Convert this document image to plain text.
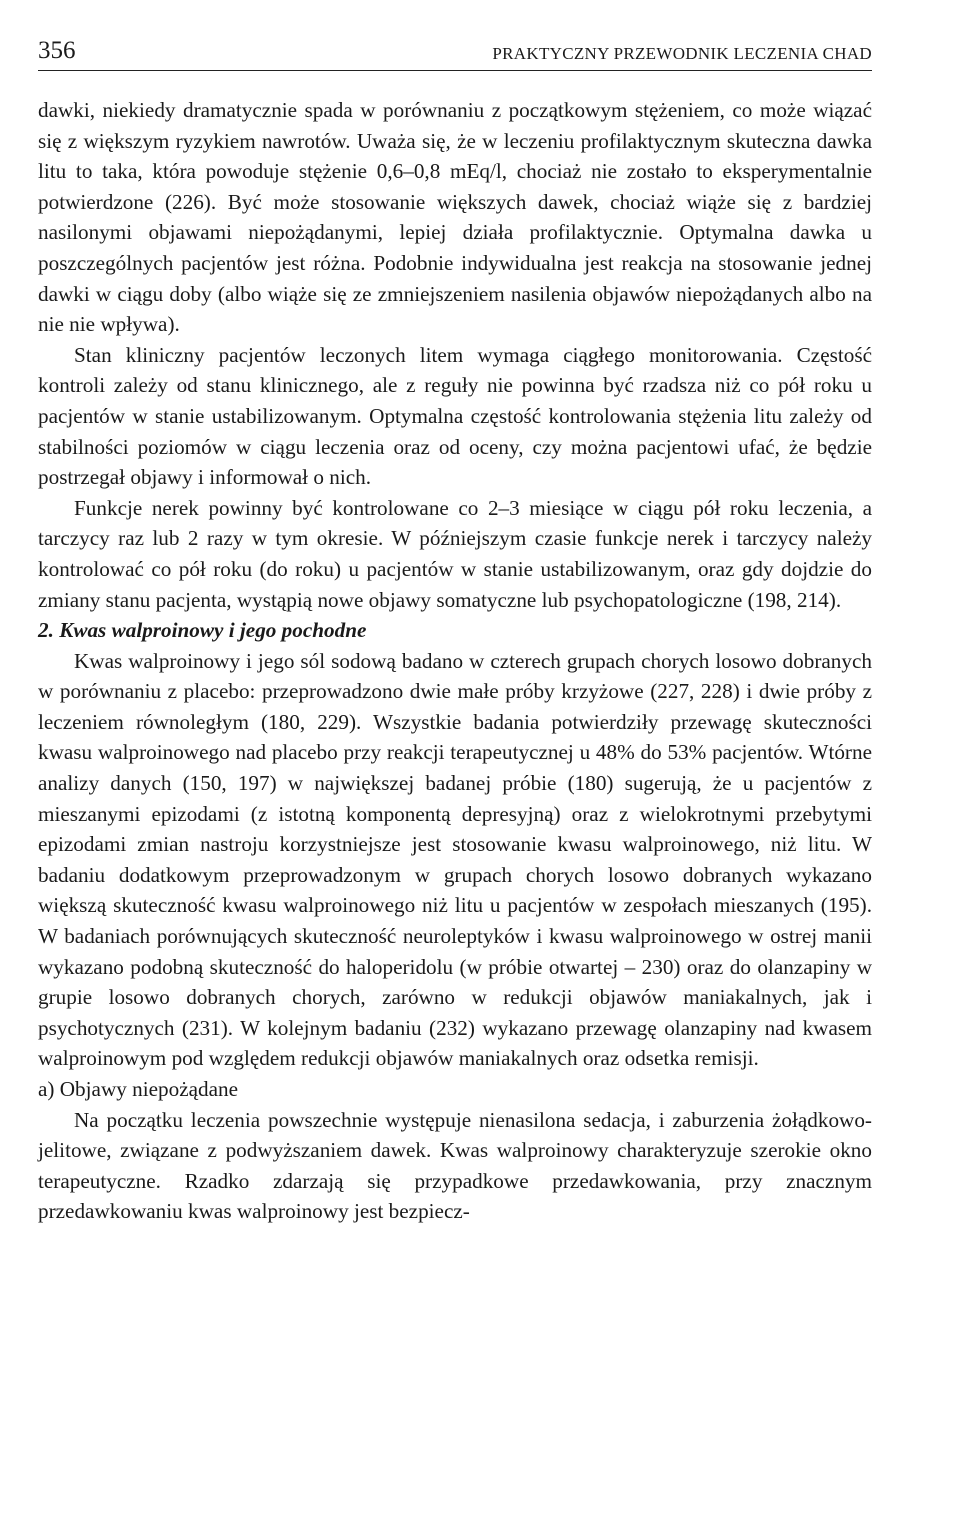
356	PRAKTYCZNY PRZEWODNIK LECZENIA CHAD

dawki, niekiedy dramatycznie spada w porównaniu z początkowym stężeniem, co może wiązać się z większym ryzykiem nawrotów. Uważa się, że w leczeniu profilaktycznym skuteczna dawka litu to taka, która powoduje stężenie 0,6–0,8 mEq/l, chociaż nie zostało to eksperymentalnie potwierdzone (226). Być może stosowanie większych dawek, chociaż wiąże się z bardziej nasilonymi objawami niepożądanymi, lepiej działa profilaktycznie. Optymalna dawka u poszczególnych pacjentów jest różna. Podobnie indywidualna jest reakcja na stosowanie jednej dawki w ciągu doby (albo wiąże się ze zmniejszeniem nasilenia objawów niepożądanych albo na nie nie wpływa).

Stan kliniczny pacjentów leczonych litem wymaga ciągłego monitorowania. Częstość kontroli zależy od stanu klinicznego, ale z reguły nie powinna być rzadsza niż co pół roku u pacjentów w stanie ustabilizowanym. Optymalna częstość kontrolowania stężenia litu zależy od stabilności poziomów w ciągu leczenia oraz od oceny, czy można pacjentowi ufać, że będzie postrzegał objawy i informował o nich.

Funkcje nerek powinny być kontrolowane co 2–3 miesiące w ciągu pół roku leczenia, a tarczycy raz lub 2 razy w tym okresie. W późniejszym czasie funkcje nerek i tarczycy należy kontrolować co pół roku (do roku) u pacjentów w stanie ustabilizowanym, oraz gdy dojdzie do zmiany stanu pacjenta, wystąpią nowe objawy somatyczne lub psychopatologiczne (198, 214).

2. Kwas walproinowy i jego pochodne

Kwas walproinowy i jego sól sodową badano w czterech grupach chorych losowo dobranych w porównaniu z placebo: przeprowadzono dwie małe próby krzyżowe (227, 228) i dwie próby z leczeniem równoległym (180, 229). Wszystkie badania potwierdziły przewagę skuteczności kwasu walproinowego nad placebo przy reakcji terapeutycznej u 48% do 53% pacjentów. Wtórne analizy danych (150, 197) w największej badanej próbie (180) sugerują, że u pacjentów z mieszanymi epizodami (z istotną komponentą depresyjną) oraz z wielokrotnymi przebytymi epizodami zmian nastroju korzystniejsze jest stosowanie kwasu walproinowego, niż litu. W badaniu dodatkowym przeprowadzonym w grupach chorych losowo dobranych wykazano większą skuteczność kwasu walproinowego niż litu u pacjentów w zespołach mieszanych (195). W badaniach porównujących skuteczność neuroleptyków i kwasu walproinowego w ostrej manii wykazano podobną skuteczność do haloperidolu (w próbie otwartej – 230) oraz do olanzapiny w grupie losowo dobranych chorych, zarówno w redukcji objawów maniakalnych, jak i psychotycznych (231). W kolejnym badaniu (232) wykazano przewagę olanzapiny nad kwasem walproinowym pod względem redukcji objawów maniakalnych oraz odsetka remisji.

a) Objawy niepożądane

Na początku leczenia powszechnie występuje nienasilona sedacja, i zaburzenia żołądkowo-jelitowe, związane z podwyższaniem dawek. Kwas walproinowy charakteryzuje szerokie okno terapeutyczne. Rzadko zdarzają się przypadkowe przedawkowania, przy znacznym przedawkowaniu kwas walproinowy jest bezpiecz-
